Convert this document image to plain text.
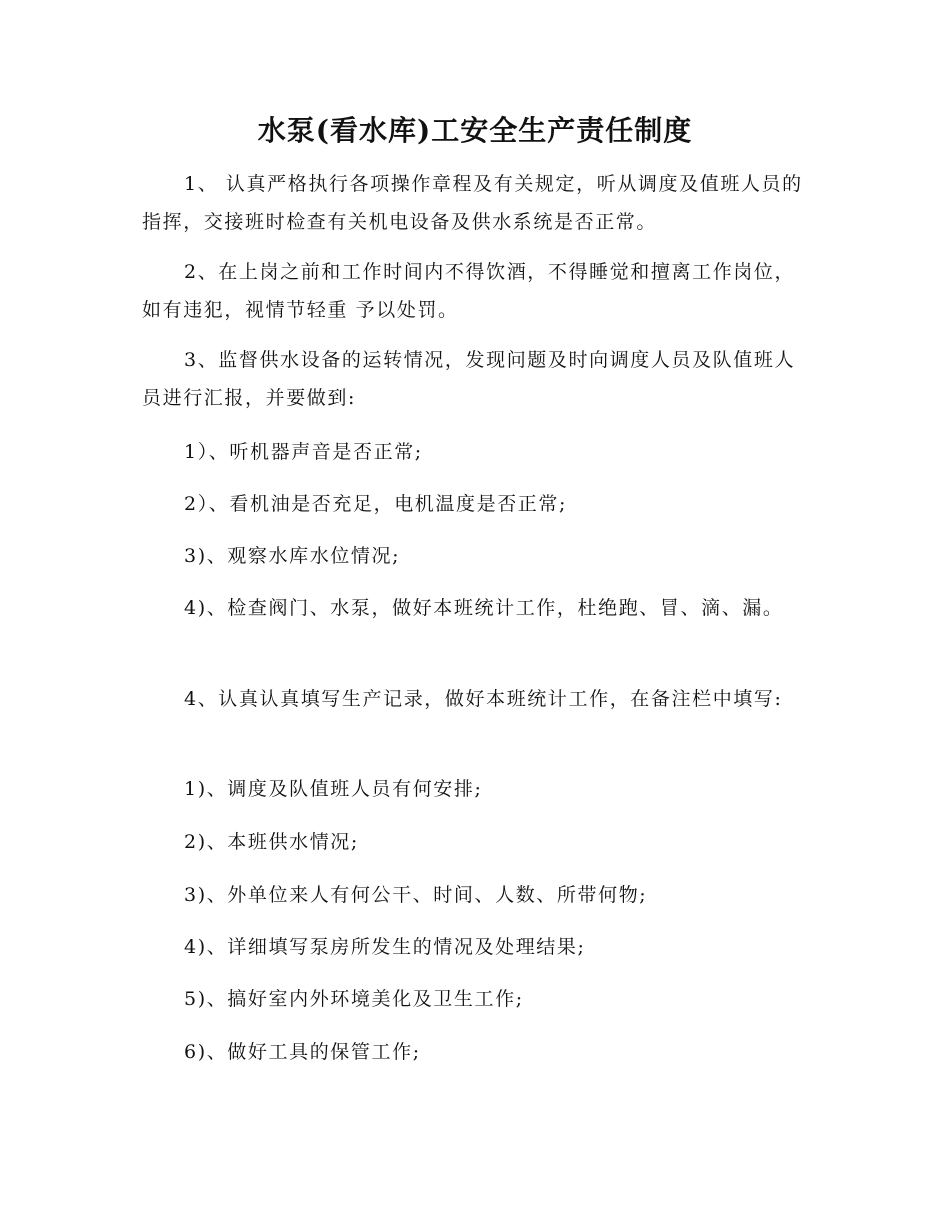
水泵(看水库)工安全生产责任制度

1、 认真严格执行各项操作章程及有关规定，听从调度及值班人员的指挥，交接班时检查有关机电设备及供水系统是否正常。

2、在上岗之前和工作时间内不得饮酒，不得睡觉和擅离工作岗位，如有违犯，视情节轻重 予以处罚。

3、监督供水设备的运转情况，发现问题及时向调度人员及队值班人员进行汇报，并要做到:

1）、听机器声音是否正常;

2）、看机油是否充足，电机温度是否正常;

3)、观察水库水位情况;

4)、检查阀门、水泵，做好本班统计工作，杜绝跑、冒、滴、漏。

4、认真认真填写生产记录，做好本班统计工作，在备注栏中填写:

1)、调度及队值班人员有何安排;

2)、本班供水情况;

3)、外单位来人有何公干、时间、人数、所带何物;

4)、详细填写泵房所发生的情况及处理结果;

5)、搞好室内外环境美化及卫生工作;

6)、做好工具的保管工作;
